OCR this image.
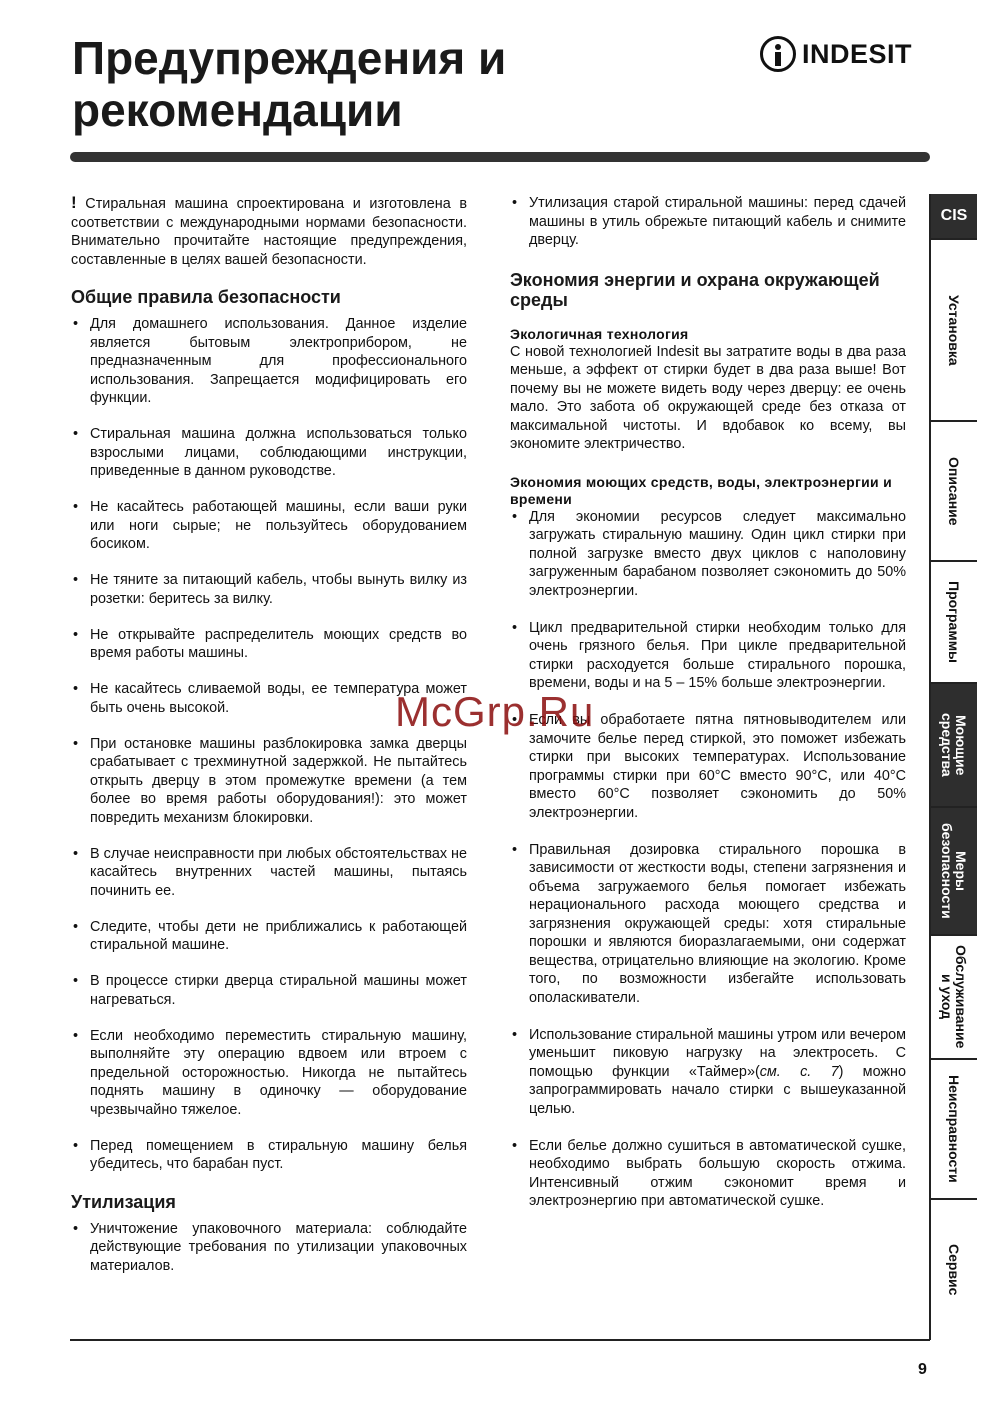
Предупреждения и рекомендации
INDESIT

! Стиральная машина спроектирована и изготовлена в соответствии с международными нормами безопасности. Внимательно прочитайте настоящие предупреждения, составленные в целях вашей безопасности.

Общие правила безопасности
• Для домашнего использования. Данное изделие является бытовым электроприбором, не предназначенным для профессионального использования. Запрещается модифицировать его функции.
• Стиральная машина должна использоваться только взрослыми лицами, соблюдающими инструкции, приведенные в данном руководстве.
• Не касайтесь работающей машины, если ваши руки или ноги сырые; не пользуйтесь оборудованием босиком.
• Не тяните за питающий кабель, чтобы вынуть вилку из розетки: беритесь за вилку.
• Не открывайте распределитель моющих средств во время работы машины.
• Не касайтесь сливаемой воды, ее температура может быть очень высокой.
• При остановке машины разблокировка замка дверцы срабатывает с трехминутной задержкой. Не пытайтесь открыть дверцу в этом промежутке времени (а тем более во время работы оборудования!): это может повредить механизм блокировки.
• В случае неисправности при любых обстоятельствах не касайтесь внутренних частей машины, пытаясь починить ее.
• Следите, чтобы дети не приближались к работающей стиральной машине.
• В процессе стирки дверца стиральной машины может нагреваться.
• Если необходимо переместить стиральную машину, выполняйте эту операцию вдвоем или втроем с предельной осторожностью. Никогда не пытайтесь поднять машину в одиночку — оборудование чрезвычайно тяжелое.
• Перед помещением в стиральную машину белья убедитесь, что барабан пуст.
Утилизация
• Уничтожение упаковочного материала: соблюдайте действующие требования по утилизации упаковочных материалов.
• Утилизация старой стиральной машины: перед сдачей машины в утиль обрежьте питающий кабель и снимите дверцу.
Экономия энергии и охрана окружающей среды
Экологичная технология

С новой технологией Indesit вы затратите воды в два раза меньше, а эффект от стирки будет в два раза выше! Вот почему вы не можете видеть воду через дверцу: ее очень мало. Это забота об окружающей среде без отказа от максимальной чистоты. И вдобавок ко всему, вы экономите электричество.

Экономия моющих средств, воды, электроэнергии и времени
• Для экономии ресурсов следует максимально загружать стиральную машину. Один цикл стирки при полной загрузке вместо двух циклов с наполовину загруженным барабаном позволяет сэкономить до 50% электроэнергии.
• Цикл предварительной стирки необходим только для очень грязного белья. При цикле предварительной стирки расходуется больше стирального порошка, времени, воды и на 5 – 15% больше электроэнергии.
• Если вы обработаете пятна пятновыводителем или замочите белье перед стиркой, это поможет избежать стирки при высоких температурах. Использование программы стирки при 60°С вместо 90°С, или 40°С вместо 60°С позволяет сэкономить до 50% электроэнергии.
• Правильная дозировка стирального порошка в зависимости от жесткости воды, степени загрязнения и объема загружаемого белья помогает избежать нерационального расхода моющего средства и загрязнения окружающей среды: хотя стиральные порошки и являются биоразлагаемыми, они содержат вещества, отрицательно влияющие на экологию. Кроме того, по возможности избегайте использовать ополаскиватели.
• Использование стиральной машины утром или вечером уменьшит пиковую нагрузку на электросеть. С помощью функции «Таймер»(см. с. 7) можно запрограммировать начало стирки с вышеуказанной целью.
• Если белье должно сушиться в автоматической сушке, необходимо выбрать большую скорость отжима. Интенсивный отжим сэкономит время и электроэнергию при автоматической сушке.
CIS
Установка
Описание
Программы
Моющие
средства
Меры
безопасности
Обслуживание
и уход
Неисправности
Сервис
McGrp.Ru
9
